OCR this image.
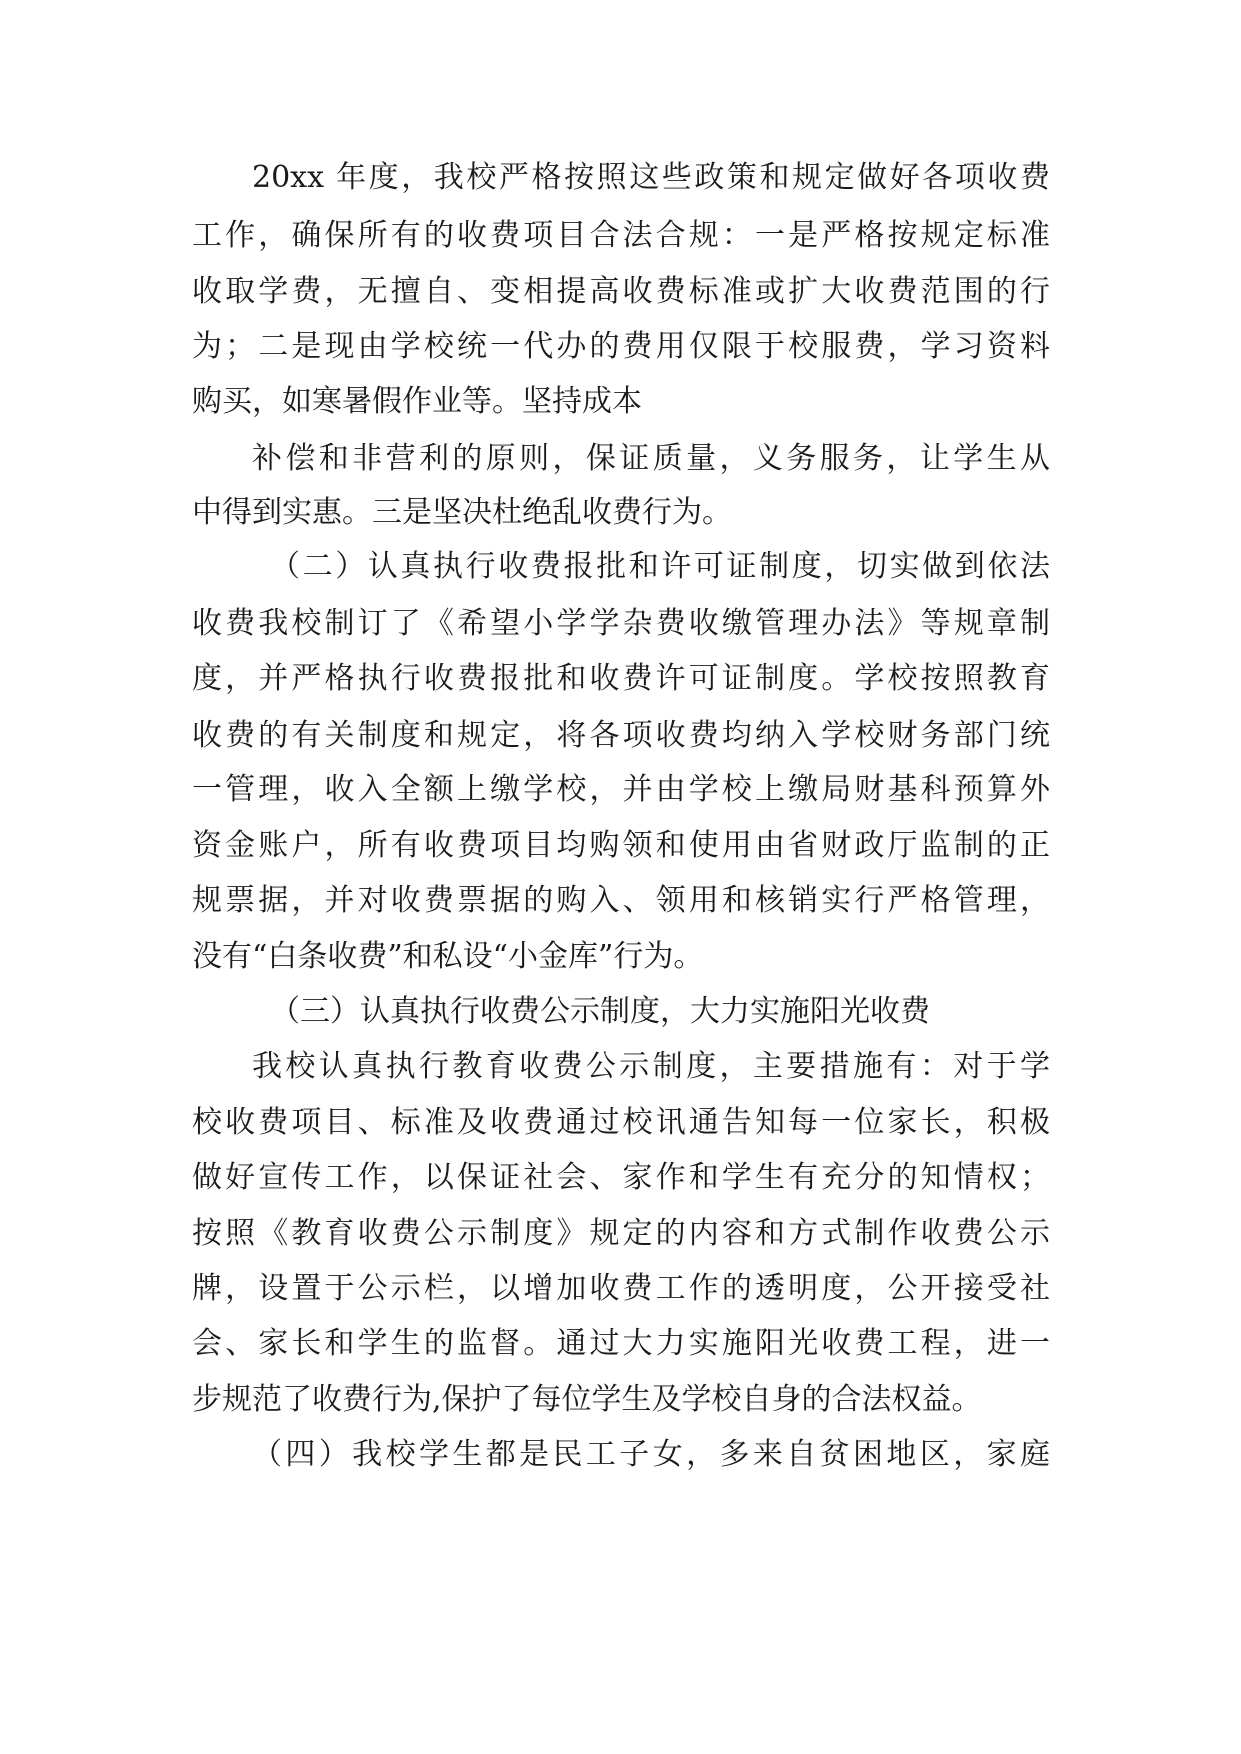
20xx 年度，我校严格按照这些政策和规定做好各项收费
工作，确保所有的收费项目合法合规：一是严格按规定标准
收取学费，无擅自、变相提高收费标准或扩大收费范围的行
为；二是现由学校统一代办的费用仅限于校服费，学习资料
购买，如寒暑假作业等。坚持成本
补偿和非营利的原则，保证质量，义务服务，让学生从
中得到实惠。三是坚决杜绝乱收费行为。
（二）认真执行收费报批和许可证制度，切实做到依法
收费我校制订了《希望小学学杂费收缴管理办法》等规章制
度，并严格执行收费报批和收费许可证制度。学校按照教育
收费的有关制度和规定，将各项收费均纳入学校财务部门统
一管理，收入全额上缴学校，并由学校上缴局财基科预算外
资金账户，所有收费项目均购领和使用由省财政厅监制的正
规票据，并对收费票据的购入、领用和核销实行严格管理，
没有“白条收费”和私设“小金库”行为。
（三）认真执行收费公示制度，大力实施阳光收费
我校认真执行教育收费公示制度，主要措施有：对于学
校收费项目、标准及收费通过校讯通告知每一位家长，积极
做好宣传工作，以保证社会、家作和学生有充分的知情权；
按照《教育收费公示制度》规定的内容和方式制作收费公示
牌，设置于公示栏，以增加收费工作的透明度，公开接受社
会、家长和学生的监督。通过大力实施阳光收费工程，进一
步规范了收费行为,保护了每位学生及学校自身的合法权益。
（四）我校学生都是民工子女，多来自贫困地区，家庭
